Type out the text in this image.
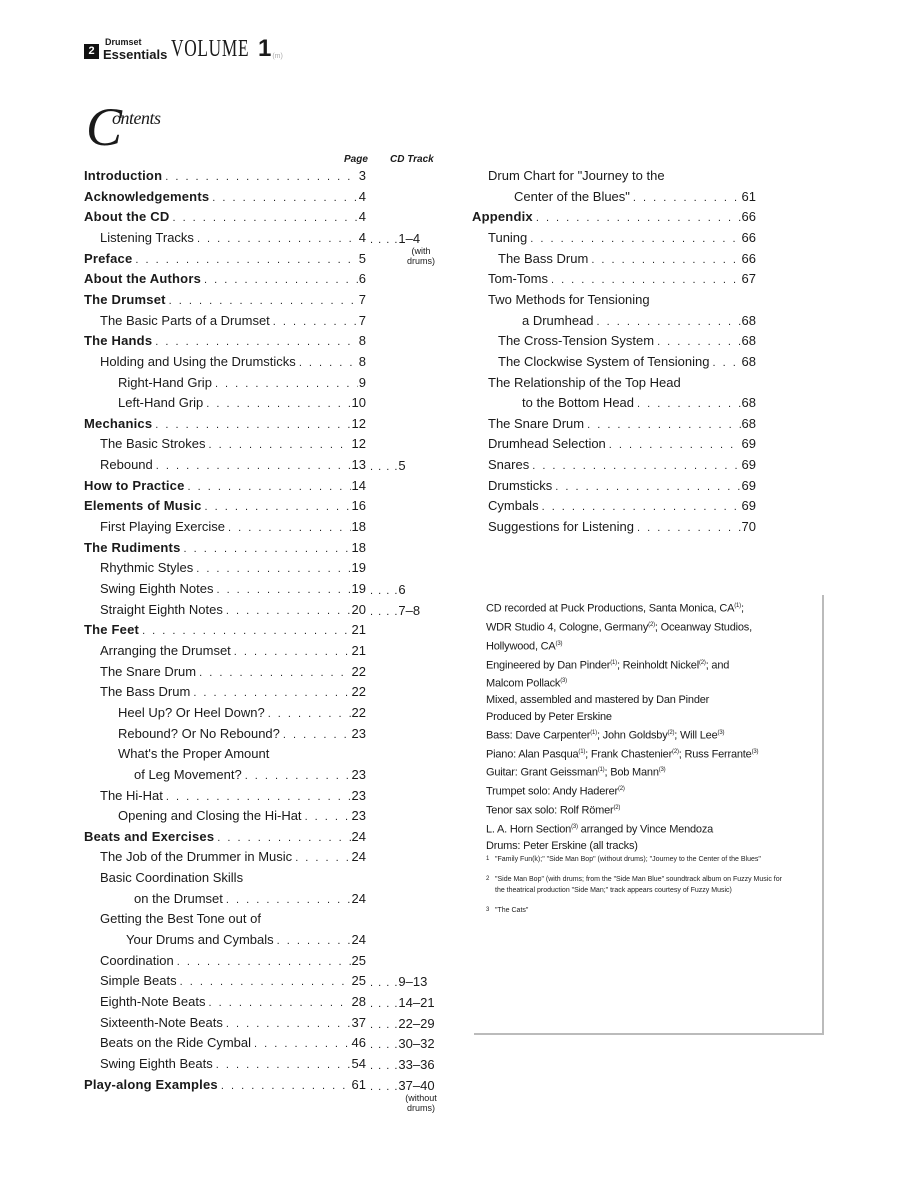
2
Drumset
Essentials VOLUME 1 (m)
C
ontents
Page CD Track
Introduction . . .	3
Acknowledgements . . .	4
About the CD . . .	4
Listening Tracks . . .	4 . . . .1–4
(with drums)
Preface . . .	5
About the Authors . . .	6
The Drumset . . .	7
The Basic Parts of a Drumset . . .	7
The Hands . . .	8
Holding and Using the Drumsticks . . .	8
Right-Hand Grip . . .	9
Left-Hand Grip . . .	10
Mechanics . . .	12
The Basic Strokes . . .	12
Rebound . . .	13 . . . .5
How to Practice . . .	14
Elements of Music . . .	16
First Playing Exercise . . .	18
The Rudiments . . .	18
Rhythmic Styles . . .	19
Swing Eighth Notes . . .	19 . . . .6
Straight Eighth Notes . . .	20 . . . .7–8
The Feet . . .	21
Arranging the Drumset . . .	21
The Snare Drum . . .	22
The Bass Drum . . .	22
Heel Up? Or Heel Down? . . .	22
Rebound? Or No Rebound? . . .	23
What's the Proper Amount
of Leg Movement? . . .	23
The Hi-Hat . . .	23
Opening and Closing the Hi-Hat . . .	23
Beats and Exercises . . .	24
The Job of the Drummer in Music . . .	24
Basic Coordination Skills
on the Drumset . . .	24
Getting the Best Tone out of
Your Drums and Cymbals . . .	24
Coordination . . .	25
Simple Beats . . .	25 . . . .9–13
Eighth-Note Beats . . .	28 . . . .14–21
Sixteenth-Note Beats . . .	37 . . . .22–29
Beats on the Ride Cymbal . . .	46 . . . .30–32
Swing Eighth Beats . . .	54 . . . .33–36
Play-along Examples . . .	61 . . . .37–40
(without drums)
Drum Chart for "Journey to the
Center of the Blues" . . .	61
Appendix . . .	66
Tuning . . .	66
The Bass Drum . . .	66
Tom-Toms . . .	67
Two Methods for Tensioning
a Drumhead . . .	68
The Cross-Tension System . . .	68
The Clockwise System of Tensioning . . . 68
The Relationship of the Top Head
to the Bottom Head . . .	68
The Snare Drum . . .	68
Drumhead Selection . . .	69
Snares . . .	69
Drumsticks . . .	69
Cymbals . . .	69
Suggestions for Listening . . .	70
CD recorded at Puck Productions, Santa Monica, CA$^{(1)}$;
WDR Studio 4, Cologne, Germany$^{(2)}$; Oceanway Studios,
Hollywood, CA$^{(3)}$
Engineered by Dan Pinder$^{(1)}$; Reinholdt Nickel$^{(2)}$; and
Malcom Pollack$^{(3)}$
Mixed, assembled and mastered by Dan Pinder
Produced by Peter Erskine
Bass: Dave Carpenter$^{(1)}$; John Goldsby$^{(2)}$; Will Lee$^{(3)}$
Piano: Alan Pasqua$^{(1)}$; Frank Chastenier$^{(2)}$; Russ Ferrante$^{(3)}$
Guitar: Grant Geissman$^{(1)}$; Bob Mann$^{(3)}$
Trumpet solo: Andy Haderer$^{(2)}$
Tenor sax solo: Rolf Römer$^{(2)}$
L. A. Horn Section$^{(3)}$ arranged by Vince Mendoza
Drums: Peter Erskine (all tracks)
1 "Family Fun(k);" "Side Man Bop" (without drums); "Journey to the Center of the Blues"
2 "Side Man Bop" (with drums; from the "Side Man Blue" soundtrack album on Fuzzy Music for the theatrical production "Side Man;" track appears courtesy of Fuzzy Music)
3 "The Cats"
